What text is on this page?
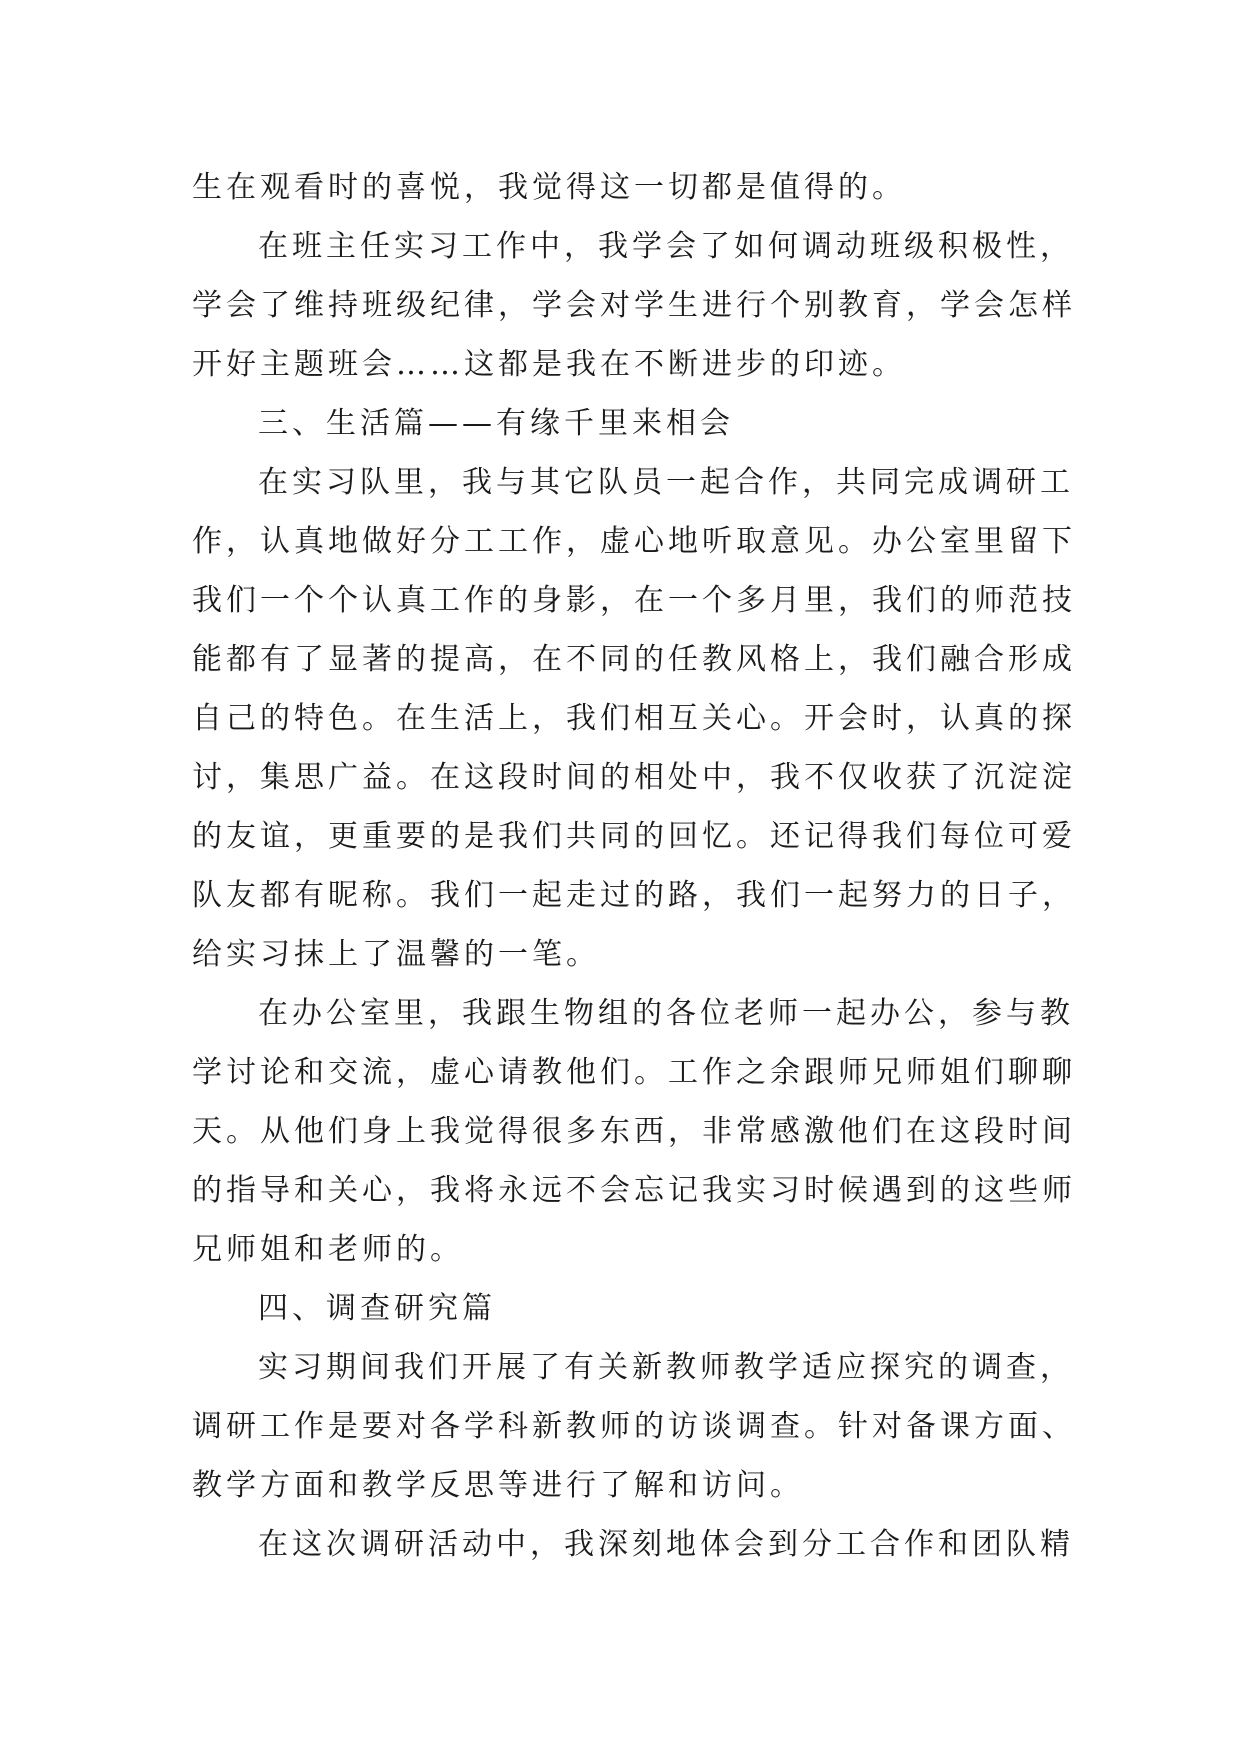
生在观看时的喜悦，我觉得这一切都是值得的。
在班主任实习工作中，我学会了如何调动班级积极性，
学会了维持班级纪律，学会对学生进行个别教育，学会怎样
开好主题班会……这都是我在不断进步的印迹。
三、生活篇——有缘千里来相会
在实习队里，我与其它队员一起合作，共同完成调研工
作，认真地做好分工工作，虚心地听取意见。办公室里留下
我们一个个认真工作的身影，在一个多月里，我们的师范技
能都有了显著的提高，在不同的任教风格上，我们融合形成
自己的特色。在生活上，我们相互关心。开会时，认真的探
讨，集思广益。在这段时间的相处中，我不仅收获了沉淀淀
的友谊，更重要的是我们共同的回忆。还记得我们每位可爱
队友都有昵称。我们一起走过的路，我们一起努力的日子，
给实习抹上了温馨的一笔。
在办公室里，我跟生物组的各位老师一起办公，参与教
学讨论和交流，虚心请教他们。工作之余跟师兄师姐们聊聊
天。从他们身上我觉得很多东西，非常感激他们在这段时间
的指导和关心，我将永远不会忘记我实习时候遇到的这些师
兄师姐和老师的。
四、调查研究篇
实习期间我们开展了有关新教师教学适应探究的调查，
调研工作是要对各学科新教师的访谈调查。针对备课方面、
教学方面和教学反思等进行了解和访问。
在这次调研活动中，我深刻地体会到分工合作和团队精
